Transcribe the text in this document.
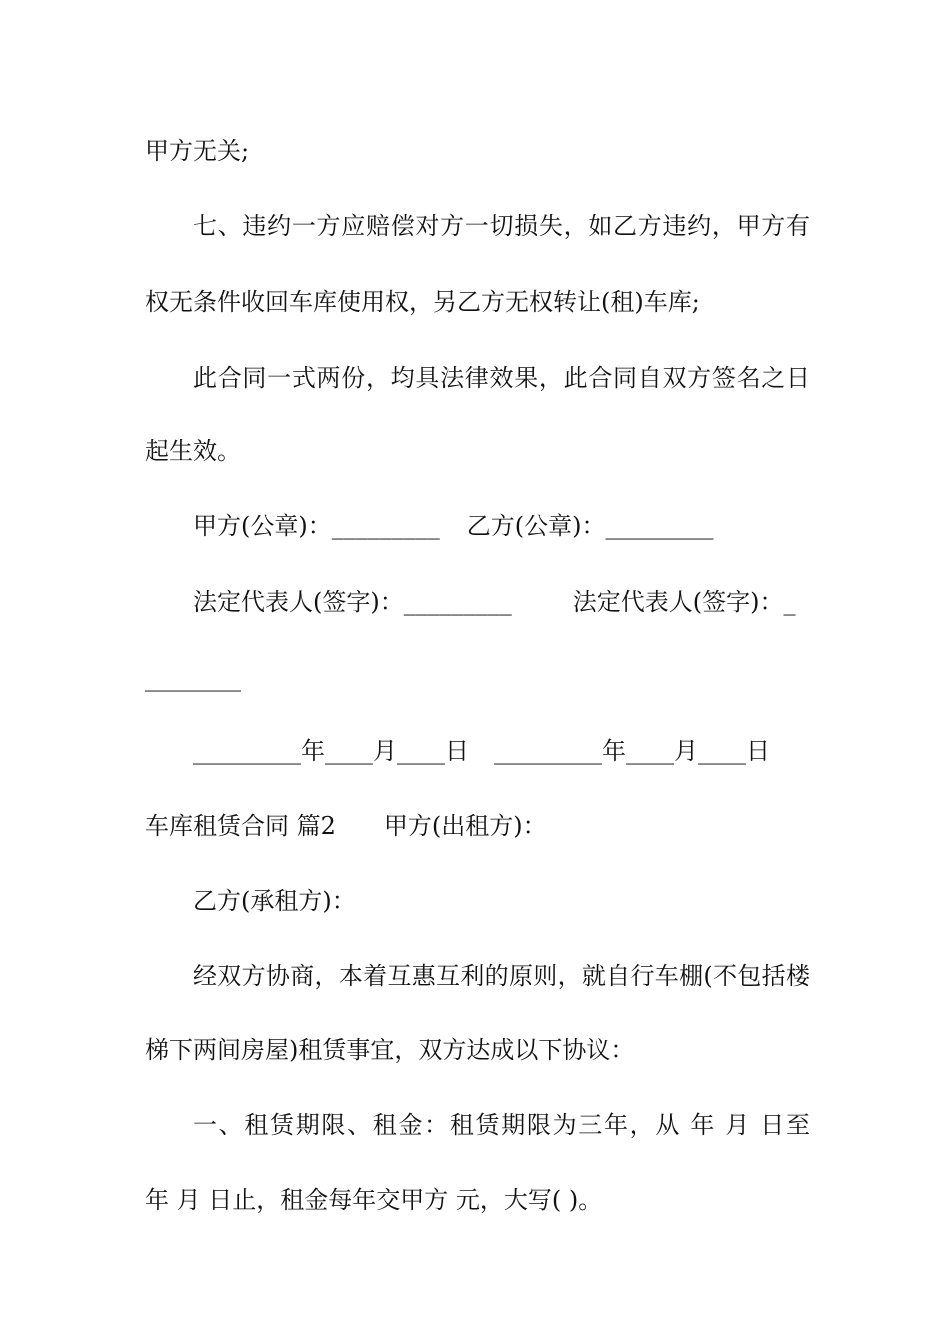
甲方无关;
七、违约一方应赔偿对方一切损失，如乙方违约，甲方有
权无条件收回车库使用权，另乙方无权转让(租)车库;
此合同一式两份，均具法律效果，此合同自双方签名之日
起生效。
甲方(公章)：_________ 乙方(公章)：_________
法定代表人(签字)：_________	法定代表人(签字)：_
________
_________年____月____日 _________年____月____日
车库租赁合同 篇2 甲方(出租方)：
乙方(承租方)：
经双方协商，本着互惠互利的原则，就自行车棚(不包括楼
梯下两间房屋)租赁事宜，双方达成以下协议：
一、租赁期限、租金：租赁期限为三年，从 年 月 日至
年 月 日止，租金每年交甲方 元，大写( )。
